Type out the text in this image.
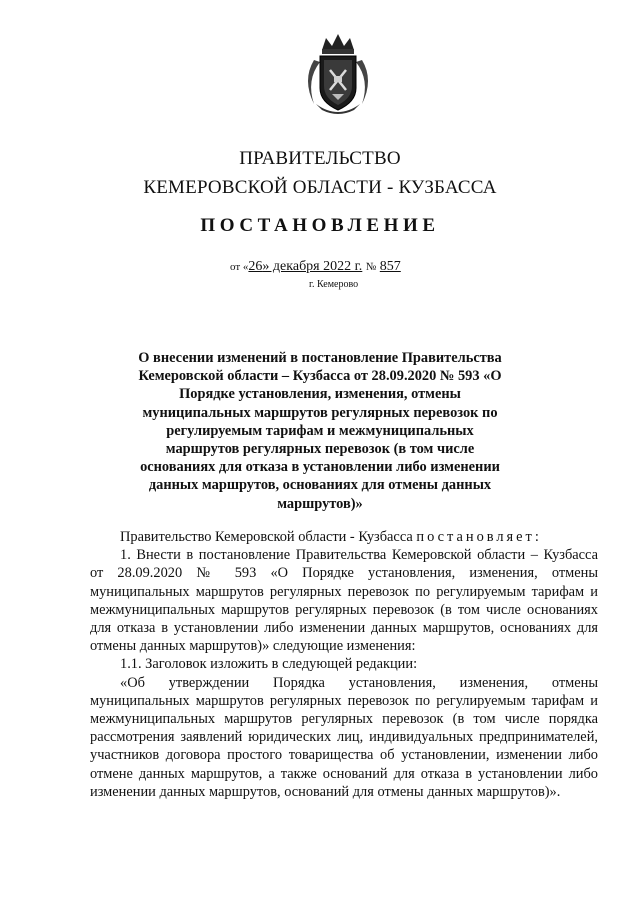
ПРАВИТЕЛЬСТВО
КЕМЕРОВСКОЙ ОБЛАСТИ - КУЗБАССА
ПОСТАНОВЛЕНИЕ
от «26» декабря 2022 г. № 857
г. Кемерово
О внесении изменений в постановление Правительства Кемеровской области – Кузбасса от 28.09.2020 № 593 «О Порядке установления, изменения, отмены муниципальных маршрутов регулярных перевозок по регулируемым тарифам и межмуниципальных маршрутов регулярных перевозок (в том числе основаниях для отказа в установлении либо изменении данных маршрутов, основаниях для отмены данных маршрутов)»

Правительство Кемеровской области - Кузбасса постановляет:

1. Внести в постановление Правительства Кемеровской области – Кузбасса от 28.09.2020 № 593 «О Порядке установления, изменения, отмены муниципальных маршрутов регулярных перевозок по регулируемым тарифам и межмуниципальных маршрутов регулярных перевозок (в том числе основаниях для отказа в установлении либо изменении данных маршрутов, основаниях для отмены данных маршрутов)» следующие изменения:

1.1. Заголовок изложить в следующей редакции:

«Об утверждении Порядка установления, изменения, отмены муниципальных маршрутов регулярных перевозок по регулируемым тарифам и межмуниципальных маршрутов регулярных перевозок (в том числе порядка рассмотрения заявлений юридических лиц, индивидуальных предпринимателей, участников договора простого товарищества об установлении, изменении либо отмене данных маршрутов, а также оснований для отказа в установлении либо изменении данных маршрутов, оснований для отмены данных маршрутов)».
